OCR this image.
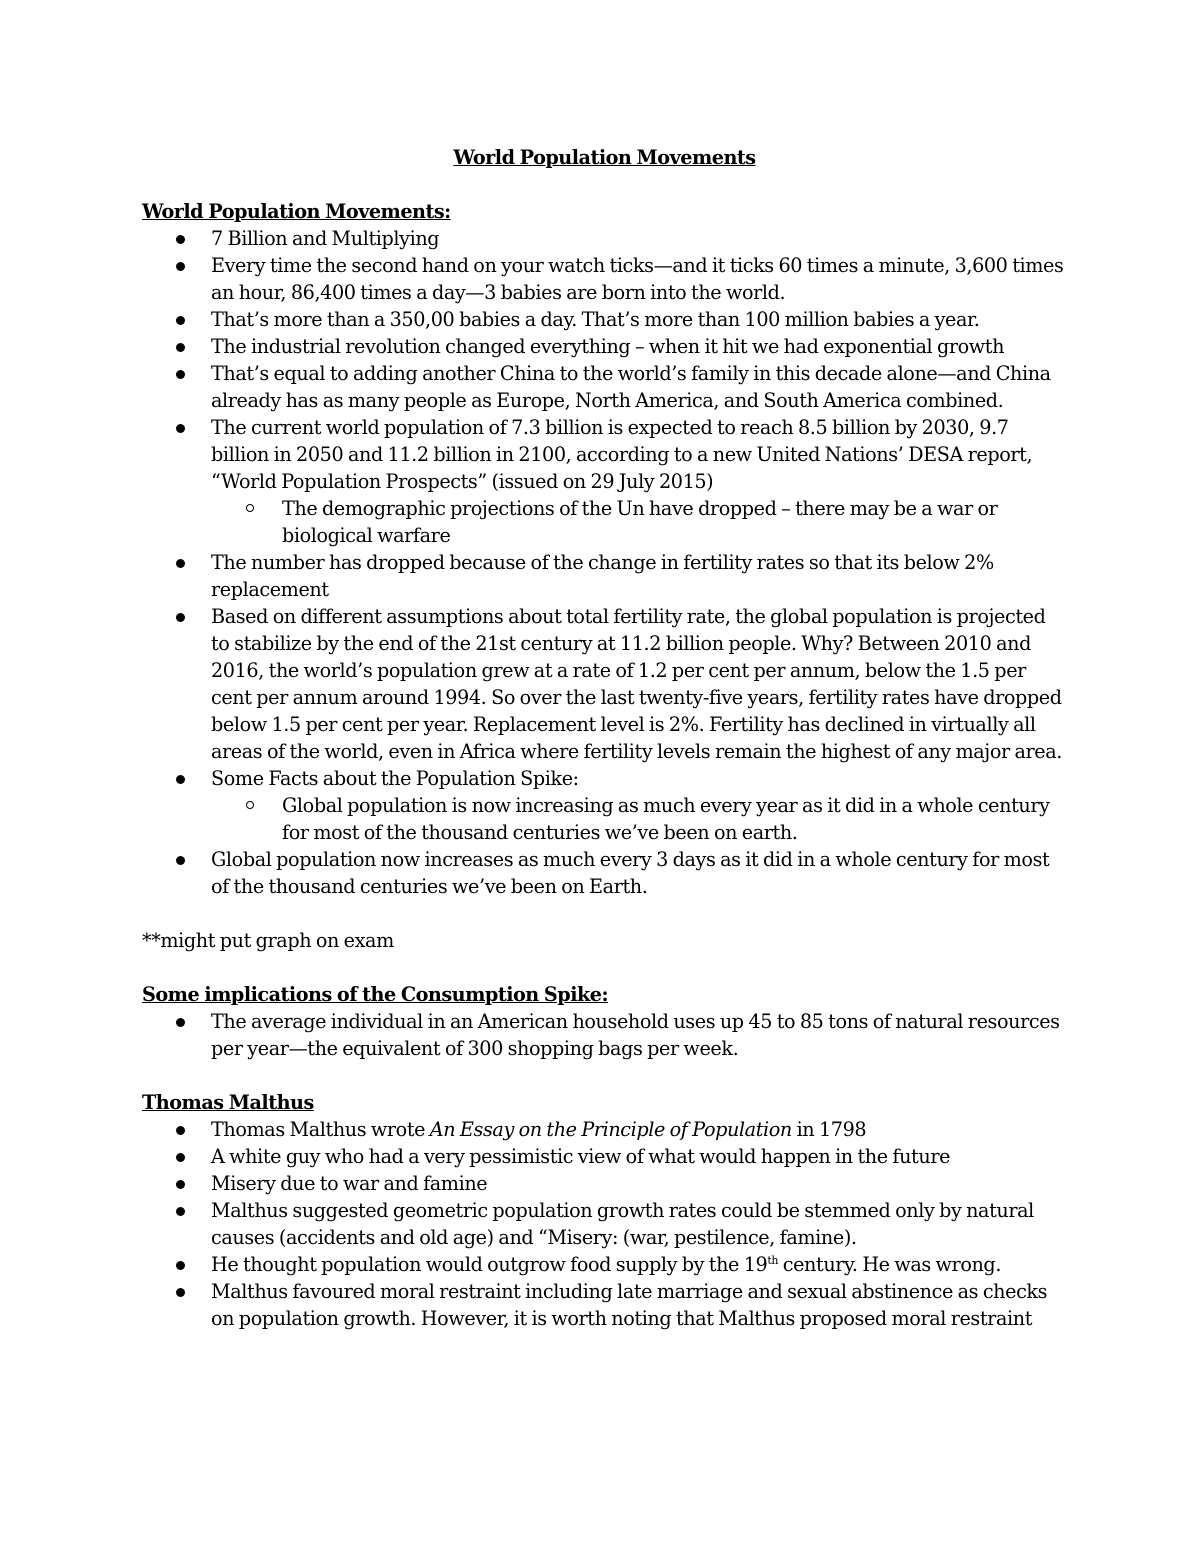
World Population Movements
World Population Movements:
7 Billion and Multiplying
Every time the second hand on your watch ticks—and it ticks 60 times a minute, 3,600 times an hour, 86,400 times a day—3 babies are born into the world.
That’s more than a 350,00 babies a day. That’s more than 100 million babies a year.
The industrial revolution changed everything – when it hit we had exponential growth
That’s equal to adding another China to the world’s family in this decade alone—and China already has as many people as Europe, North America, and South America combined.
The current world population of 7.3 billion is expected to reach 8.5 billion by 2030, 9.7 billion in 2050 and 11.2 billion in 2100, according to a new United Nations’ DESA report, “World Population Prospects” (issued on 29 July 2015)
The demographic projections of the Un have dropped – there may be a war or biological warfare
The number has dropped because of the change in fertility rates so that its below 2% replacement
Based on different assumptions about total fertility rate, the global population is projected to stabilize by the end of the 21st century at 11.2 billion people. Why? Between 2010 and 2016, the world’s population grew at a rate of 1.2 per cent per annum, below the 1.5 per cent per annum around 1994. So over the last twenty-five years, fertility rates have dropped below 1.5 per cent per year. Replacement level is 2%. Fertility has declined in virtually all areas of the world, even in Africa where fertility levels remain the highest of any major area.
Some Facts about the Population Spike:
Global population is now increasing as much every year as it did in a whole century for most of the thousand centuries we’ve been on earth.
Global population now increases as much every 3 days as it did in a whole century for most of the thousand centuries we’ve been on Earth.

**might put graph on exam

Some implications of the Consumption Spike:
The average individual in an American household uses up 45 to 85 tons of natural resources per year—the equivalent of 300 shopping bags per week.
Thomas Malthus
Thomas Malthus wrote An Essay on the Principle of Population in 1798
A white guy who had a very pessimistic view of what would happen in the future
Misery due to war and famine
Malthus suggested geometric population growth rates could be stemmed only by natural causes (accidents and old age) and “Misery: (war, pestilence, famine).
He thought population would outgrow food supply by the 19th century. He was wrong.
Malthus favoured moral restraint including late marriage and sexual abstinence as checks on population growth. However, it is worth noting that Malthus proposed moral restraint
